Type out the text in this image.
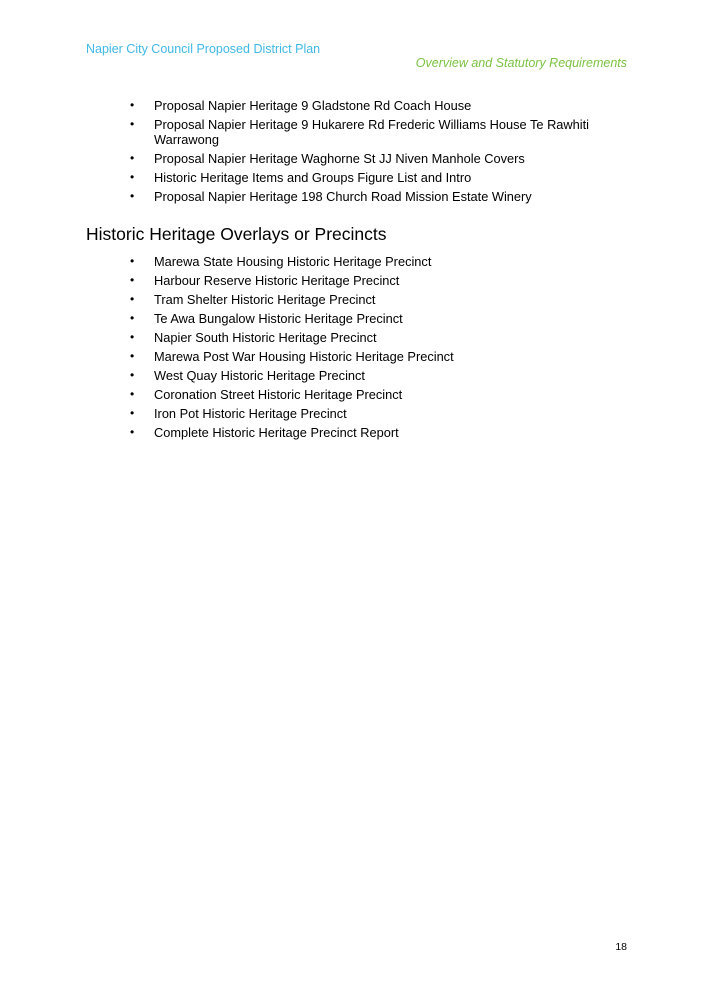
Napier City Council Proposed District Plan
Overview and Statutory Requirements
• Proposal Napier Heritage 9 Gladstone Rd Coach House
• Proposal Napier Heritage 9 Hukarere Rd Frederic Williams House Te Rawhiti Warrawong
• Proposal Napier Heritage Waghorne St JJ Niven Manhole Covers
• Historic Heritage Items and Groups Figure List and Intro
• Proposal Napier Heritage 198 Church Road Mission Estate Winery
Historic Heritage Overlays or Precincts
• Marewa State Housing Historic Heritage Precinct
• Harbour Reserve Historic Heritage Precinct
• Tram Shelter Historic Heritage Precinct
• Te Awa Bungalow Historic Heritage Precinct
• Napier South Historic Heritage Precinct
• Marewa Post War Housing Historic Heritage Precinct
• West Quay Historic Heritage Precinct
• Coronation Street Historic Heritage Precinct
• Iron Pot Historic Heritage Precinct
• Complete Historic Heritage Precinct Report
18
